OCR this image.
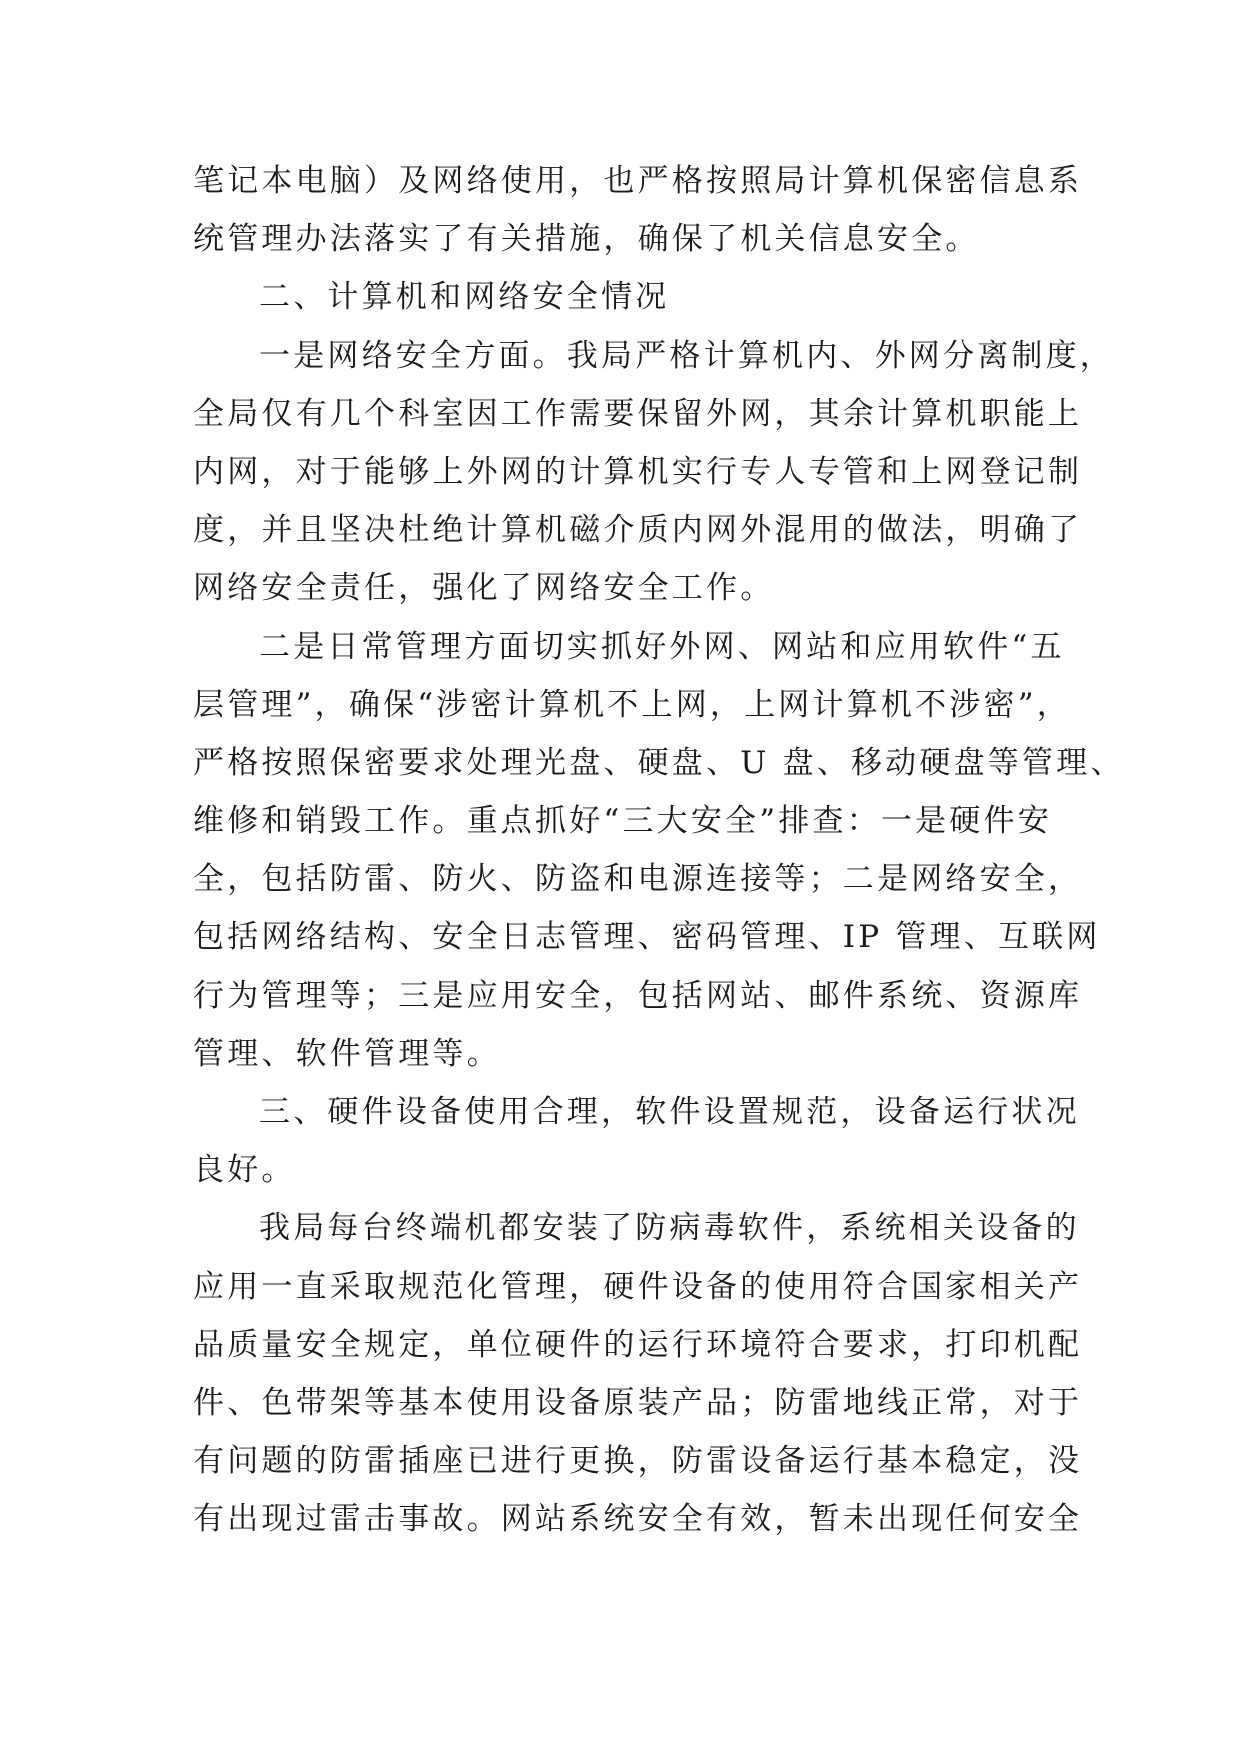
笔记本电脑）及网络使用，也严格按照局计算机保密信息系
统管理办法落实了有关措施，确保了机关信息安全。
二、计算机和网络安全情况
一是网络安全方面。我局严格计算机内、外网分离制度，
全局仅有几个科室因工作需要保留外网，其余计算机职能上
内网，对于能够上外网的计算机实行专人专管和上网登记制
度，并且坚决杜绝计算机磁介质内网外混用的做法，明确了
网络安全责任，强化了网络安全工作。
二是日常管理方面切实抓好外网、网站和应用软件“五
层管理”，确保“涉密计算机不上网，上网计算机不涉密”，
严格按照保密要求处理光盘、硬盘、U 盘、移动硬盘等管理、
维修和销毁工作。重点抓好“三大安全”排查：一是硬件安
全，包括防雷、防火、防盗和电源连接等；二是网络安全，
包括网络结构、安全日志管理、密码管理、IP 管理、互联网
行为管理等；三是应用安全，包括网站、邮件系统、资源库
管理、软件管理等。
三、硬件设备使用合理，软件设置规范，设备运行状况
良好。
我局每台终端机都安装了防病毒软件，系统相关设备的
应用一直采取规范化管理，硬件设备的使用符合国家相关产
品质量安全规定，单位硬件的运行环境符合要求，打印机配
件、色带架等基本使用设备原装产品；防雷地线正常，对于
有问题的防雷插座已进行更换，防雷设备运行基本稳定，没
有出现过雷击事故。网站系统安全有效，暂未出现任何安全
